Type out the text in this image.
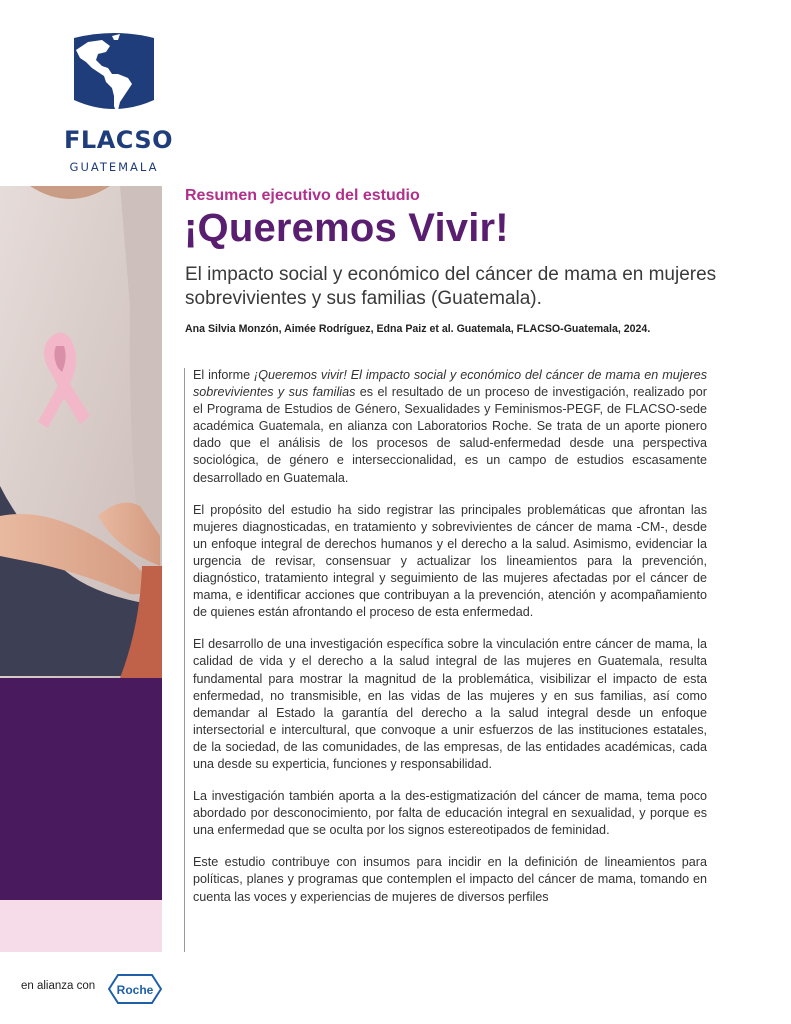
FLACSO
GUATEMALA
Resumen ejecutivo del estudio
¡Queremos Vivir!
El impacto social y económico del cáncer de mama en mujeres sobrevivientes y sus familias (Guatemala).
Ana Silvia Monzón, Aimée Rodríguez, Edna Paiz et al. Guatemala, FLACSO-Guatemala, 2024.

El informe ¡Queremos vivir! El impacto social y económico del cáncer de mama en mujeres sobrevivientes y sus familias es el resultado de un proceso de investigación, realizado por el Programa de Estudios de Género, Sexualidades y Feminismos-PEGF, de FLACSO-sede académica Guatemala, en alianza con Laboratorios Roche. Se trata de un aporte pionero dado que el análisis de los procesos de salud-enfermedad desde una perspectiva sociológica, de género e interseccionalidad, es un campo de estudios escasamente desarrollado en Guatemala.

El propósito del estudio ha sido registrar las principales problemáticas que afrontan las mujeres diagnosticadas, en tratamiento y sobrevivientes de cáncer de mama -CM-, desde un enfoque integral de derechos humanos y el derecho a la salud. Asimismo, evidenciar la urgencia de revisar, consensuar y actualizar los lineamientos para la prevención, diagnóstico, tratamiento integral y seguimiento de las mujeres afectadas por el cáncer de mama, e identificar acciones que contribuyan a la prevención, atención y acompañamiento de quienes están afrontando el proceso de esta enfermedad.

El desarrollo de una investigación específica sobre la vinculación entre cáncer de mama, la calidad de vida y el derecho a la salud integral de las mujeres en Guatemala, resulta fundamental para mostrar la magnitud de la problemática, visibilizar el impacto de esta enfermedad, no transmisible, en las vidas de las mujeres y en sus familias, así como demandar al Estado la garantía del derecho a la salud integral desde un enfoque intersectorial e intercultural, que convoque a unir esfuerzos de las instituciones estatales, de la sociedad, de las comunidades, de las empresas, de las entidades académicas, cada una desde su experticia, funciones y responsabilidad.

La investigación también aporta a la des-estigmatización del cáncer de mama, tema poco abordado por desconocimiento, por falta de educación integral en sexualidad, y porque es una enfermedad que se oculta por los signos estereotipados de feminidad.

Este estudio contribuye con insumos para incidir en la definición de lineamientos para políticas, planes y programas que contemplen el impacto del cáncer de mama, tomando en cuenta las voces y experiencias de mujeres de diversos perfiles

en alianza con Roche
